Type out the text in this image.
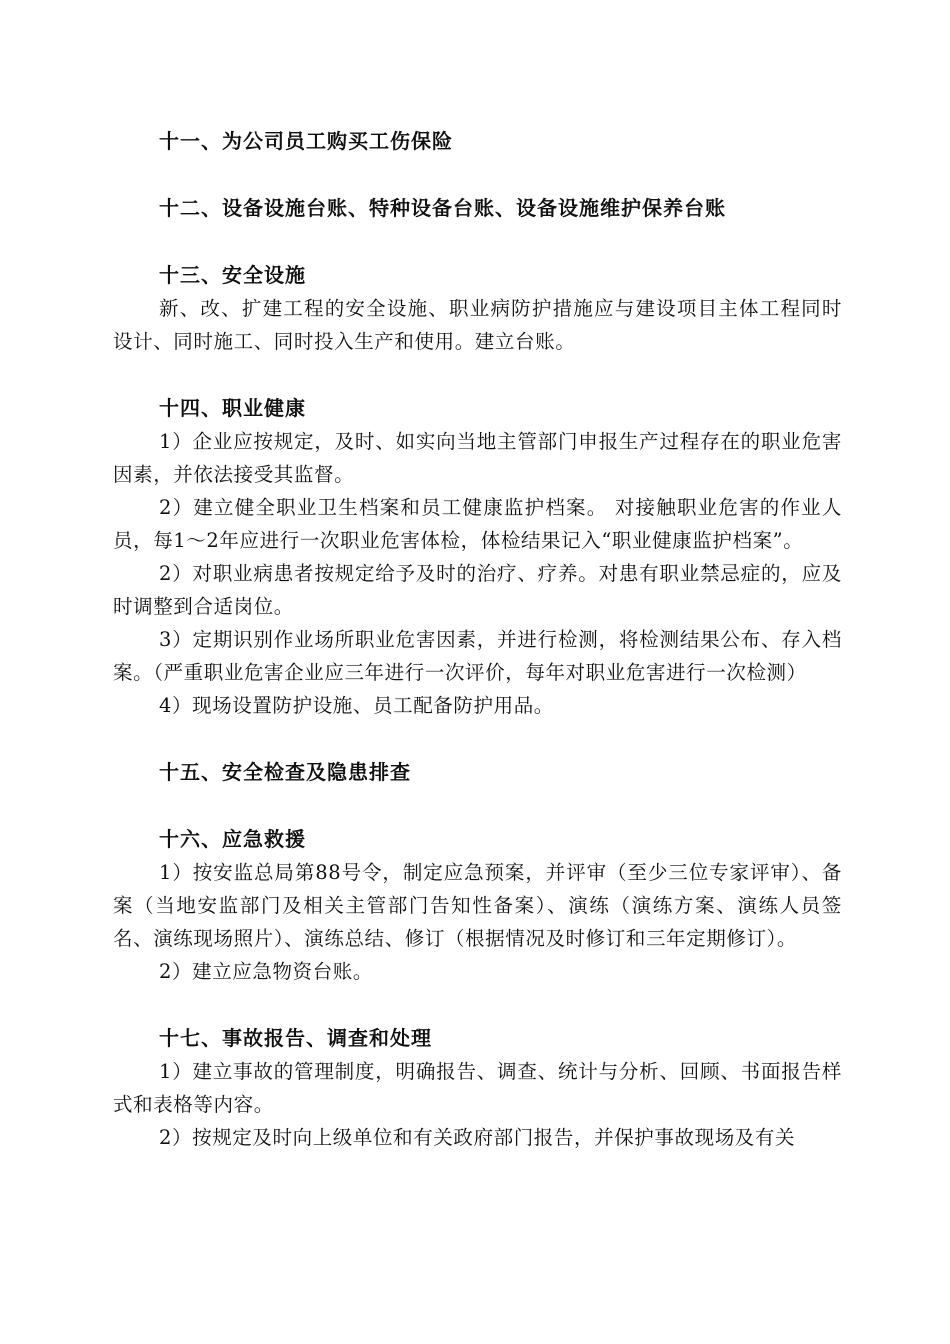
十一、为公司员工购买工伤保险

十二、设备设施台账、特种设备台账、设备设施维护保养台账

十三、安全设施

新、改、扩建工程的安全设施、职业病防护措施应与建设项目主体工程同时设计、同时施工、同时投入生产和使用。建立台账。

十四、职业健康

1）企业应按规定，及时、如实向当地主管部门申报生产过程存在的职业危害因素，并依法接受其监督。

2）建立健全职业卫生档案和员工健康监护档案。 对接触职业危害的作业人员，每1～2年应进行一次职业危害体检，体检结果记入“职业健康监护档案”。

2）对职业病患者按规定给予及时的治疗、疗养。对患有职业禁忌症的，应及时调整到合适岗位。

3）定期识别作业场所职业危害因素，并进行检测，将检测结果公布、存入档案。（严重职业危害企业应三年进行一次评价，每年对职业危害进行一次检测）

4）现场设置防护设施、员工配备防护用品。

十五、安全检查及隐患排查

十六、应急救援

1）按安监总局第88号令，制定应急预案，并评审（至少三位专家评审）、备案（当地安监部门及相关主管部门告知性备案）、演练（演练方案、演练人员签名、演练现场照片）、演练总结、修订（根据情况及时修订和三年定期修订）。

2）建立应急物资台账。

十七、事故报告、调查和处理

1）建立事故的管理制度，明确报告、调查、统计与分析、回顾、书面报告样式和表格等内容。

2）按规定及时向上级单位和有关政府部门报告，并保护事故现场及有关
